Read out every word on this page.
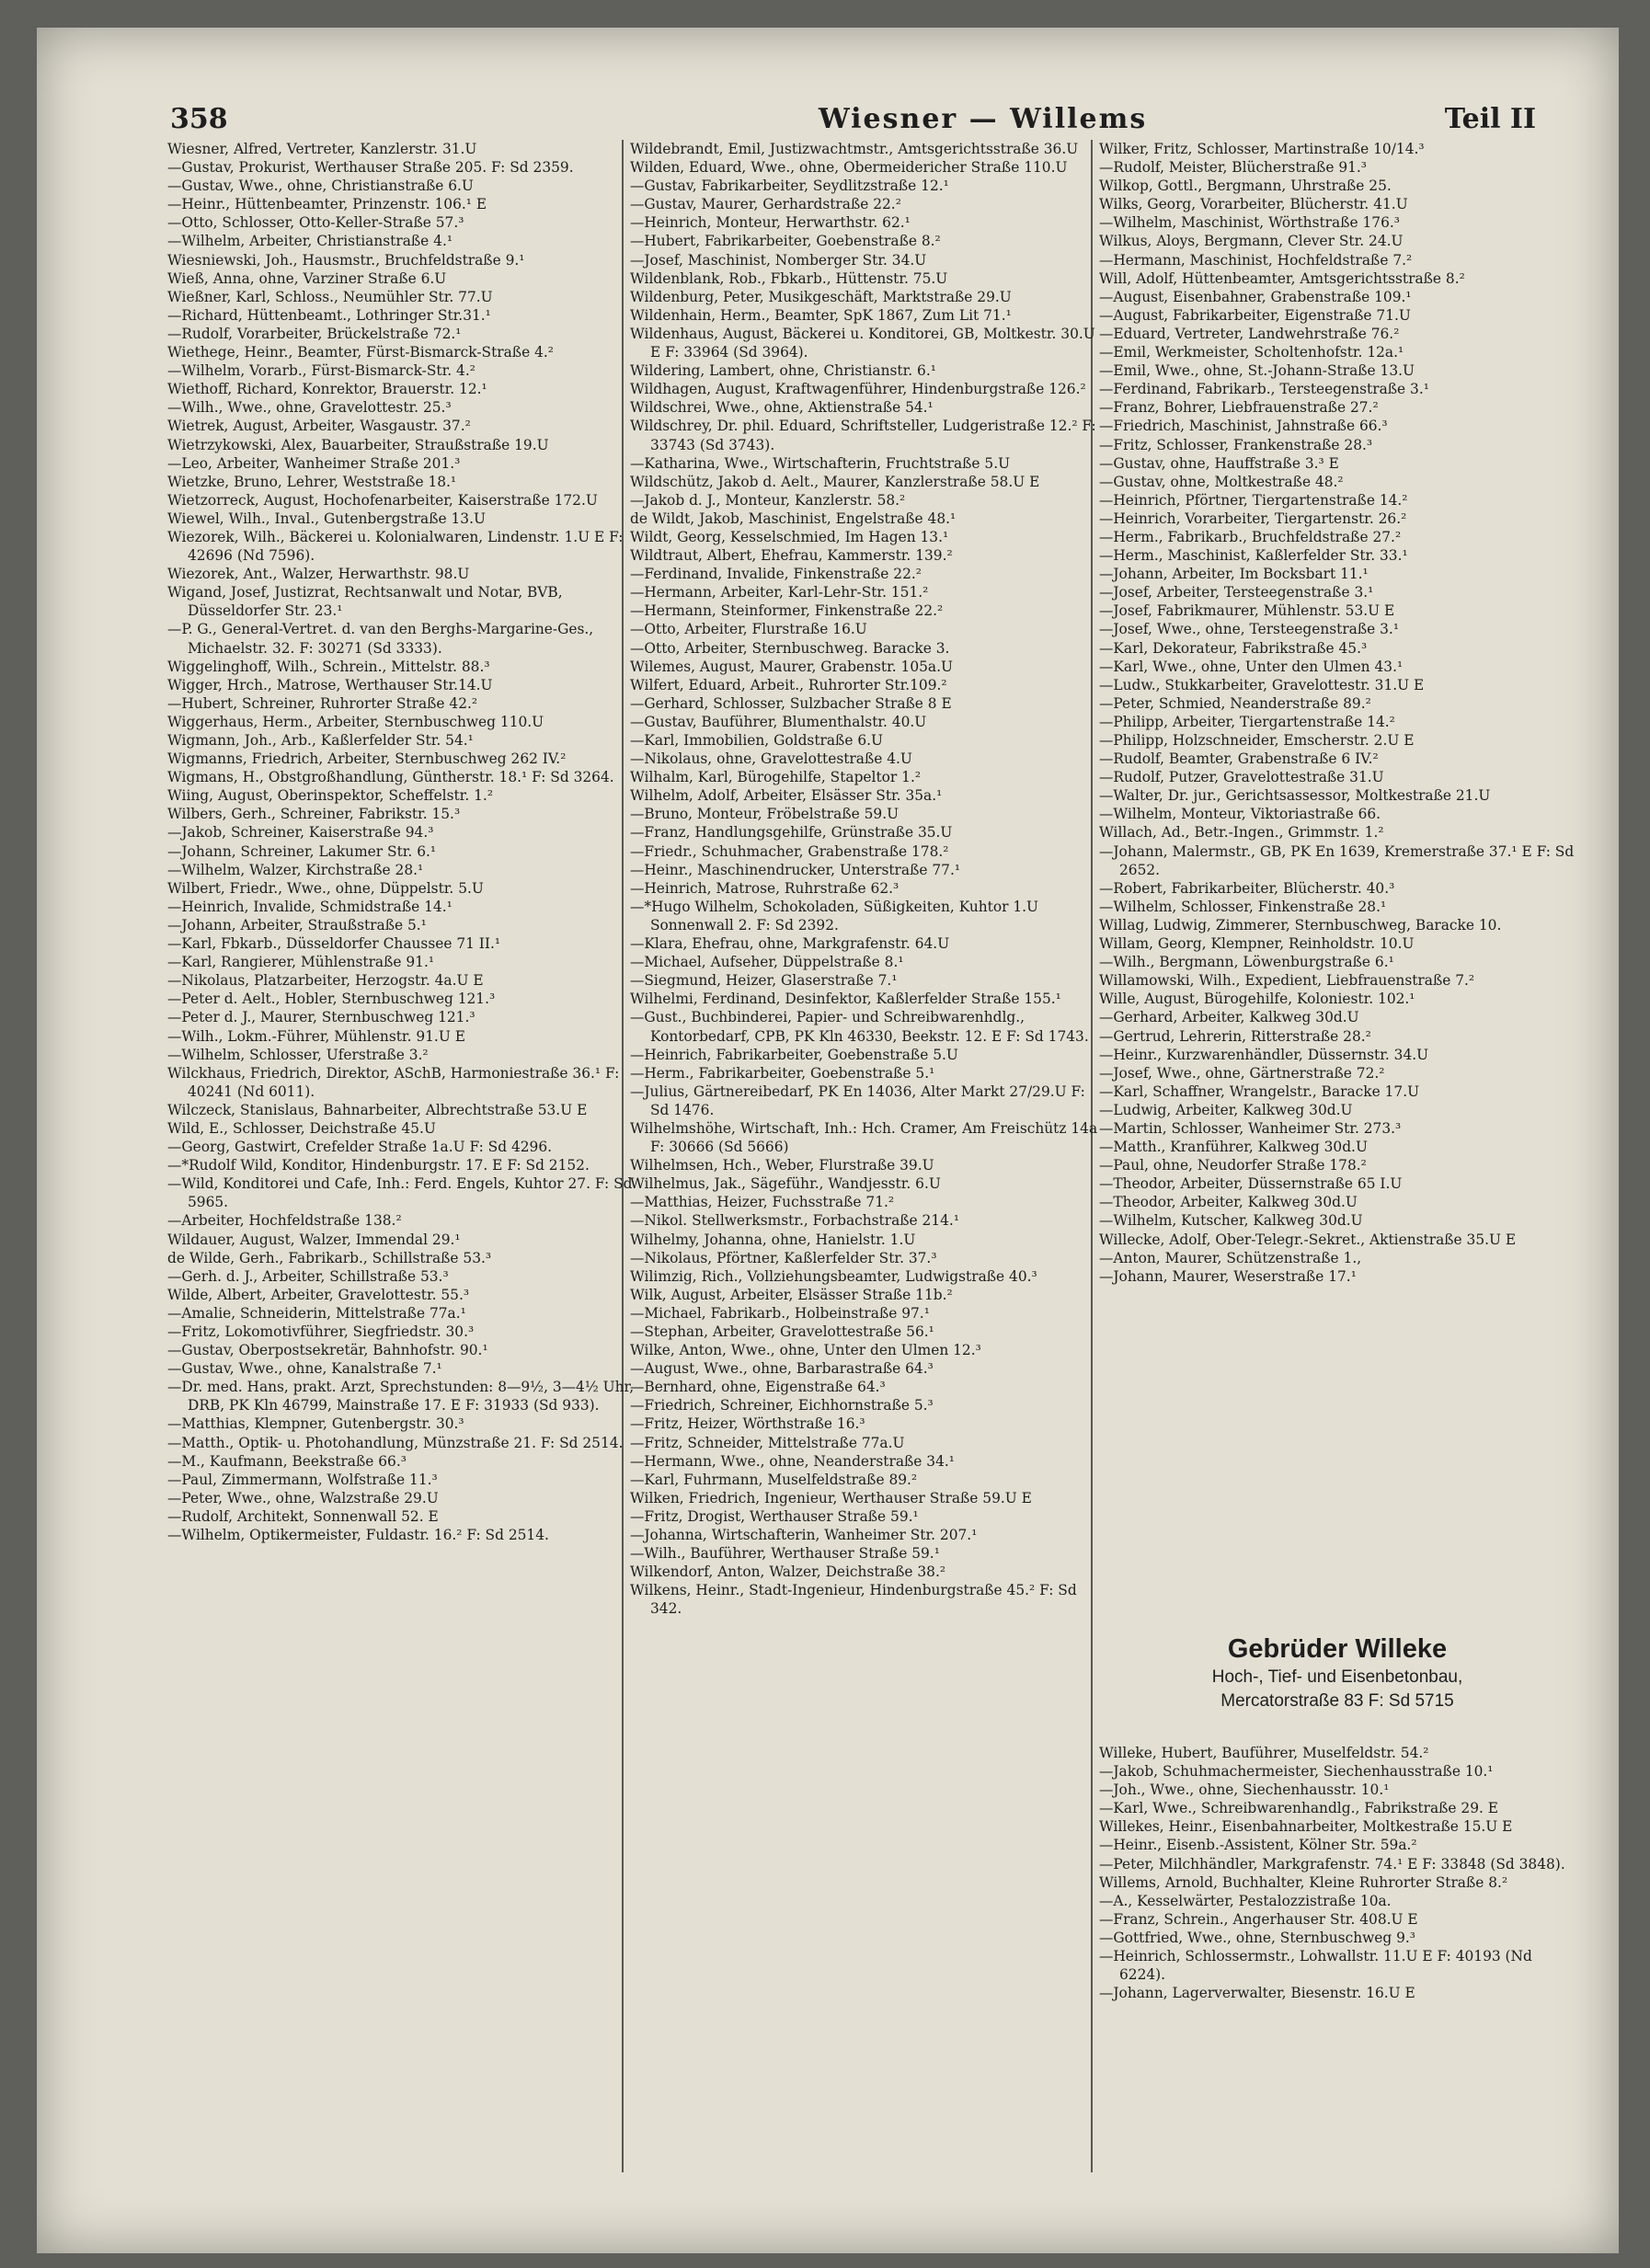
358	Wiesner — Willems	Teil II

Wiesner, Alfred, Vertreter, Kanzlerstr. 31.U

—Gustav, Prokurist, Werthauser Straße 205. F: Sd 2359.

—Gustav, Wwe., ohne, Christianstraße 6.U

—Heinr., Hüttenbeamter, Prinzenstr. 106.¹ E

—Otto, Schlosser, Otto-Keller-Straße 57.³

—Wilhelm, Arbeiter, Christianstraße 4.¹

Wiesniewski, Joh., Hausmstr., Bruchfeldstraße 9.¹

Wieß, Anna, ohne, Varziner Straße 6.U

Wießner, Karl, Schloss., Neumühler Str. 77.U

—Richard, Hüttenbeamt., Lothringer Str.31.¹

—Rudolf, Vorarbeiter, Brückelstraße 72.¹

Wiethege, Heinr., Beamter, Fürst-Bismarck-Straße 4.²

—Wilhelm, Vorarb., Fürst-Bismarck-Str. 4.²

Wiethoff, Richard, Konrektor, Brauerstr. 12.¹

—Wilh., Wwe., ohne, Gravelottestr. 25.³

Wietrek, August, Arbeiter, Wasgaustr. 37.²

Wietrzykowski, Alex, Bauarbeiter, Straußstraße 19.U

—Leo, Arbeiter, Wanheimer Straße 201.³

Wietzke, Bruno, Lehrer, Weststraße 18.¹

Wietzorreck, August, Hochofenarbeiter, Kaiserstraße 172.U

Wiewel, Wilh., Inval., Gutenbergstraße 13.U

Wiezorek, Wilh., Bäckerei u. Kolonialwaren, Lindenstr. 1.U E F: 42696 (Nd 7596).

Wiezorek, Ant., Walzer, Herwarthstr. 98.U

Wigand, Josef, Justizrat, Rechtsanwalt und Notar, BVB, Düsseldorfer Str. 23.¹

—P. G., General-Vertret. d. van den Berghs-Margarine-Ges., Michaelstr. 32. F: 30271 (Sd 3333).

Wiggelinghoff, Wilh., Schrein., Mittelstr. 88.³

Wigger, Hrch., Matrose, Werthauser Str.14.U

—Hubert, Schreiner, Ruhrorter Straße 42.²

Wiggerhaus, Herm., Arbeiter, Sternbuschweg 110.U

Wigmann, Joh., Arb., Kaßlerfelder Str. 54.¹

Wigmanns, Friedrich, Arbeiter, Sternbuschweg 262 IV.²

Wigmans, H., Obstgroßhandlung, Güntherstr. 18.¹ F: Sd 3264.

Wiing, August, Oberinspektor, Scheffelstr. 1.²

Wilbers, Gerh., Schreiner, Fabrikstr. 15.³

—Jakob, Schreiner, Kaiserstraße 94.³

—Johann, Schreiner, Lakumer Str. 6.¹

—Wilhelm, Walzer, Kirchstraße 28.¹

Wilbert, Friedr., Wwe., ohne, Düppelstr. 5.U

—Heinrich, Invalide, Schmidstraße 14.¹

—Johann, Arbeiter, Straußstraße 5.¹

—Karl, Fbkarb., Düsseldorfer Chaussee 71 II.¹

—Karl, Rangierer, Mühlenstraße 91.¹

—Nikolaus, Platzarbeiter, Herzogstr. 4a.U E

—Peter d. Aelt., Hobler, Sternbuschweg 121.³

—Peter d. J., Maurer, Sternbuschweg 121.³

—Wilh., Lokm.-Führer, Mühlenstr. 91.U E

—Wilhelm, Schlosser, Uferstraße 3.²

Wilckhaus, Friedrich, Direktor, ASchB, Harmoniestraße 36.¹ F: 40241 (Nd 6011).

Wilczeck, Stanislaus, Bahnarbeiter, Albrechtstraße 53.U E

Wild, E., Schlosser, Deichstraße 45.U

—Georg, Gastwirt, Crefelder Straße 1a.U F: Sd 4296.

—*Rudolf Wild, Konditor, Hindenburgstr. 17. E F: Sd 2152.

—Wild, Konditorei und Cafe, Inh.: Ferd. Engels, Kuhtor 27. F: Sd 5965.

—Arbeiter, Hochfeldstraße 138.²

Wildauer, August, Walzer, Immendal 29.¹

de Wilde, Gerh., Fabrikarb., Schillstraße 53.³

—Gerh. d. J., Arbeiter, Schillstraße 53.³

Wilde, Albert, Arbeiter, Gravelottestr. 55.³

—Amalie, Schneiderin, Mittelstraße 77a.¹

—Fritz, Lokomotivführer, Siegfriedstr. 30.³

—Gustav, Oberpostsekretär, Bahnhofstr. 90.¹

—Gustav, Wwe., ohne, Kanalstraße 7.¹

—Dr. med. Hans, prakt. Arzt, Sprechstunden: 8—9½, 3—4½ Uhr, DRB, PK Kln 46799, Mainstraße 17. E F: 31933 (Sd 933).

—Matthias, Klempner, Gutenbergstr. 30.³

—Matth., Optik- u. Photohandlung, Münzstraße 21. F: Sd 2514.

—M., Kaufmann, Beekstraße 66.³

—Paul, Zimmermann, Wolfstraße 11.³

—Peter, Wwe., ohne, Walzstraße 29.U

—Rudolf, Architekt, Sonnenwall 52. E

—Wilhelm, Optikermeister, Fuldastr. 16.² F: Sd 2514.

Wildebrandt, Emil, Justizwachtmstr., Amtsgerichtsstraße 36.U

Wilden, Eduard, Wwe., ohne, Obermeidericher Straße 110.U

—Gustav, Fabrikarbeiter, Seydlitzstraße 12.¹

—Gustav, Maurer, Gerhardstraße 22.²

—Heinrich, Monteur, Herwarthstr. 62.¹

—Hubert, Fabrikarbeiter, Goebenstraße 8.²

—Josef, Maschinist, Nomberger Str. 34.U

Wildenblank, Rob., Fbkarb., Hüttenstr. 75.U

Wildenburg, Peter, Musikgeschäft, Marktstraße 29.U

Wildenhain, Herm., Beamter, SpK 1867, Zum Lit 71.¹

Wildenhaus, August, Bäckerei u. Konditorei, GB, Moltkestr. 30.U E F: 33964 (Sd 3964).

Wildering, Lambert, ohne, Christianstr. 6.¹

Wildhagen, August, Kraftwagenführer, Hindenburgstraße 126.²

Wildschrei, Wwe., ohne, Aktienstraße 54.¹

Wildschrey, Dr. phil. Eduard, Schriftsteller, Ludgeristraße 12.² F: 33743 (Sd 3743).

—Katharina, Wwe., Wirtschafterin, Fruchtstraße 5.U

Wildschütz, Jakob d. Aelt., Maurer, Kanzlerstraße 58.U E

—Jakob d. J., Monteur, Kanzlerstr. 58.²

de Wildt, Jakob, Maschinist, Engelstraße 48.¹

Wildt, Georg, Kesselschmied, Im Hagen 13.¹

Wildtraut, Albert, Ehefrau, Kammerstr. 139.²

—Ferdinand, Invalide, Finkenstraße 22.²

—Hermann, Arbeiter, Karl-Lehr-Str. 151.²

—Hermann, Steinformer, Finkenstraße 22.²

—Otto, Arbeiter, Flurstraße 16.U

—Otto, Arbeiter, Sternbuschweg. Baracke 3.

Wilemes, August, Maurer, Grabenstr. 105a.U

Wilfert, Eduard, Arbeit., Ruhrorter Str.109.²

—Gerhard, Schlosser, Sulzbacher Straße 8 E

—Gustav, Bauführer, Blumenthalstr. 40.U

—Karl, Immobilien, Goldstraße 6.U

—Nikolaus, ohne, Gravelottestraße 4.U

Wilhalm, Karl, Bürogehilfe, Stapeltor 1.²

Wilhelm, Adolf, Arbeiter, Elsässer Str. 35a.¹

—Bruno, Monteur, Fröbelstraße 59.U

—Franz, Handlungsgehilfe, Grünstraße 35.U

—Friedr., Schuhmacher, Grabenstraße 178.²

—Heinr., Maschinendrucker, Unterstraße 77.¹

—Heinrich, Matrose, Ruhrstraße 62.³

—*Hugo Wilhelm, Schokoladen, Süßigkeiten, Kuhtor 1.U Sonnenwall 2. F: Sd 2392.

—Klara, Ehefrau, ohne, Markgrafenstr. 64.U

—Michael, Aufseher, Düppelstraße 8.¹

—Siegmund, Heizer, Glaserstraße 7.¹

Wilhelmi, Ferdinand, Desinfektor, Kaßlerfelder Straße 155.¹

—Gust., Buchbinderei, Papier- und Schreibwarenhdlg., Kontorbedarf, CPB, PK Kln 46330, Beekstr. 12. E F: Sd 1743.

—Heinrich, Fabrikarbeiter, Goebenstraße 5.U

—Herm., Fabrikarbeiter, Goebenstraße 5.¹

—Julius, Gärtnereibedarf, PK En 14036, Alter Markt 27/29.U F: Sd 1476.

Wilhelmshöhe, Wirtschaft, Inh.: Hch. Cramer, Am Freischütz 14a F: 30666 (Sd 5666)

Wilhelmsen, Hch., Weber, Flurstraße 39.U

Wilhelmus, Jak., Sägeführ., Wandjesstr. 6.U

—Matthias, Heizer, Fuchsstraße 71.²

—Nikol. Stellwerksmstr., Forbachstraße 214.¹

Wilhelmy, Johanna, ohne, Hanielstr. 1.U

—Nikolaus, Pförtner, Kaßlerfelder Str. 37.³

Wilimzig, Rich., Vollziehungsbeamter, Ludwigstraße 40.³

Wilk, August, Arbeiter, Elsässer Straße 11b.²

—Michael, Fabrikarb., Holbeinstraße 97.¹

—Stephan, Arbeiter, Gravelottestraße 56.¹

Wilke, Anton, Wwe., ohne, Unter den Ulmen 12.³

—August, Wwe., ohne, Barbarastraße 64.³

—Bernhard, ohne, Eigenstraße 64.³

—Friedrich, Schreiner, Eichhornstraße 5.³

—Fritz, Heizer, Wörthstraße 16.³

—Fritz, Schneider, Mittelstraße 77a.U

—Hermann, Wwe., ohne, Neanderstraße 34.¹

—Karl, Fuhrmann, Muselfeldstraße 89.²

Wilken, Friedrich, Ingenieur, Werthauser Straße 59.U E

—Fritz, Drogist, Werthauser Straße 59.¹

—Johanna, Wirtschafterin, Wanheimer Str. 207.¹

—Wilh., Bauführer, Werthauser Straße 59.¹

Wilkendorf, Anton, Walzer, Deichstraße 38.²

Wilkens, Heinr., Stadt-Ingenieur, Hindenburgstraße 45.² F: Sd 342.

Wilker, Fritz, Schlosser, Martinstraße 10/14.³

—Rudolf, Meister, Blücherstraße 91.³

Wilkop, Gottl., Bergmann, Uhrstraße 25.

Wilks, Georg, Vorarbeiter, Blücherstr. 41.U

—Wilhelm, Maschinist, Wörthstraße 176.³

Wilkus, Aloys, Bergmann, Clever Str. 24.U

—Hermann, Maschinist, Hochfeldstraße 7.²

Will, Adolf, Hüttenbeamter, Amtsgerichtsstraße 8.²

—August, Eisenbahner, Grabenstraße 109.¹

—August, Fabrikarbeiter, Eigenstraße 71.U

—Eduard, Vertreter, Landwehrstraße 76.²

—Emil, Werkmeister, Scholtenhofstr. 12a.¹

—Emil, Wwe., ohne, St.-Johann-Straße 13.U

—Ferdinand, Fabrikarb., Tersteegenstraße 3.¹

—Franz, Bohrer, Liebfrauenstraße 27.²

—Friedrich, Maschinist, Jahnstraße 66.³

—Fritz, Schlosser, Frankenstraße 28.³

—Gustav, ohne, Hauffstraße 3.³ E

—Gustav, ohne, Moltkestraße 48.²

—Heinrich, Pförtner, Tiergartenstraße 14.²

—Heinrich, Vorarbeiter, Tiergartenstr. 26.²

—Herm., Fabrikarb., Bruchfeldstraße 27.²

—Herm., Maschinist, Kaßlerfelder Str. 33.¹

—Johann, Arbeiter, Im Bocksbart 11.¹

—Josef, Arbeiter, Tersteegenstraße 3.¹

—Josef, Fabrikmaurer, Mühlenstr. 53.U E

—Josef, Wwe., ohne, Tersteegenstraße 3.¹

—Karl, Dekorateur, Fabrikstraße 45.³

—Karl, Wwe., ohne, Unter den Ulmen 43.¹

—Ludw., Stukkarbeiter, Gravelottestr. 31.U E

—Peter, Schmied, Neanderstraße 89.²

—Philipp, Arbeiter, Tiergartenstraße 14.²

—Philipp, Holzschneider, Emscherstr. 2.U E

—Rudolf, Beamter, Grabenstraße 6 IV.²

—Rudolf, Putzer, Gravelottestraße 31.U

—Walter, Dr. jur., Gerichtsassessor, Moltkestraße 21.U

—Wilhelm, Monteur, Viktoriastraße 66.

Willach, Ad., Betr.-Ingen., Grimmstr. 1.²

—Johann, Malermstr., GB, PK En 1639, Kremerstraße 37.¹ E F: Sd 2652.

—Robert, Fabrikarbeiter, Blücherstr. 40.³

—Wilhelm, Schlosser, Finkenstraße 28.¹

Willag, Ludwig, Zimmerer, Sternbuschweg, Baracke 10.

Willam, Georg, Klempner, Reinholdstr. 10.U

—Wilh., Bergmann, Löwenburgstraße 6.¹

Willamowski, Wilh., Expedient, Liebfrauenstraße 7.²

Wille, August, Bürogehilfe, Koloniestr. 102.¹

—Gerhard, Arbeiter, Kalkweg 30d.U

—Gertrud, Lehrerin, Ritterstraße 28.²

—Heinr., Kurzwarenhändler, Düssernstr. 34.U

—Josef, Wwe., ohne, Gärtnerstraße 72.²

—Karl, Schaffner, Wrangelstr., Baracke 17.U

—Ludwig, Arbeiter, Kalkweg 30d.U

—Martin, Schlosser, Wanheimer Str. 273.³

—Matth., Kranführer, Kalkweg 30d.U

—Paul, ohne, Neudorfer Straße 178.²

—Theodor, Arbeiter, Düssernstraße 65 I.U

—Theodor, Arbeiter, Kalkweg 30d.U

—Wilhelm, Kutscher, Kalkweg 30d.U

Willecke, Adolf, Ober-Telegr.-Sekret., Aktienstraße 35.U E

—Anton, Maurer, Schützenstraße 1.,

—Johann, Maurer, Weserstraße 17.¹

Gebrüder Willeke
Hoch-, Tief- und Eisenbetonbau,
Mercatorstraße 83 F: Sd 5715

Willeke, Hubert, Bauführer, Muselfeldstr. 54.²

—Jakob, Schuhmachermeister, Siechenhausstraße 10.¹

—Joh., Wwe., ohne, Siechenhausstr. 10.¹

—Karl, Wwe., Schreibwarenhandlg., Fabrikstraße 29. E

Willekes, Heinr., Eisenbahnarbeiter, Moltkestraße 15.U E

—Heinr., Eisenb.-Assistent, Kölner Str. 59a.²

—Peter, Milchhändler, Markgrafenstr. 74.¹ E F: 33848 (Sd 3848).

Willems, Arnold, Buchhalter, Kleine Ruhrorter Straße 8.²

—A., Kesselwärter, Pestalozzistraße 10a.

—Franz, Schrein., Angerhauser Str. 408.U E

—Gottfried, Wwe., ohne, Sternbuschweg 9.³

—Heinrich, Schlossermstr., Lohwallstr. 11.U E F: 40193 (Nd 6224).

—Johann, Lagerverwalter, Biesenstr. 16.U E
